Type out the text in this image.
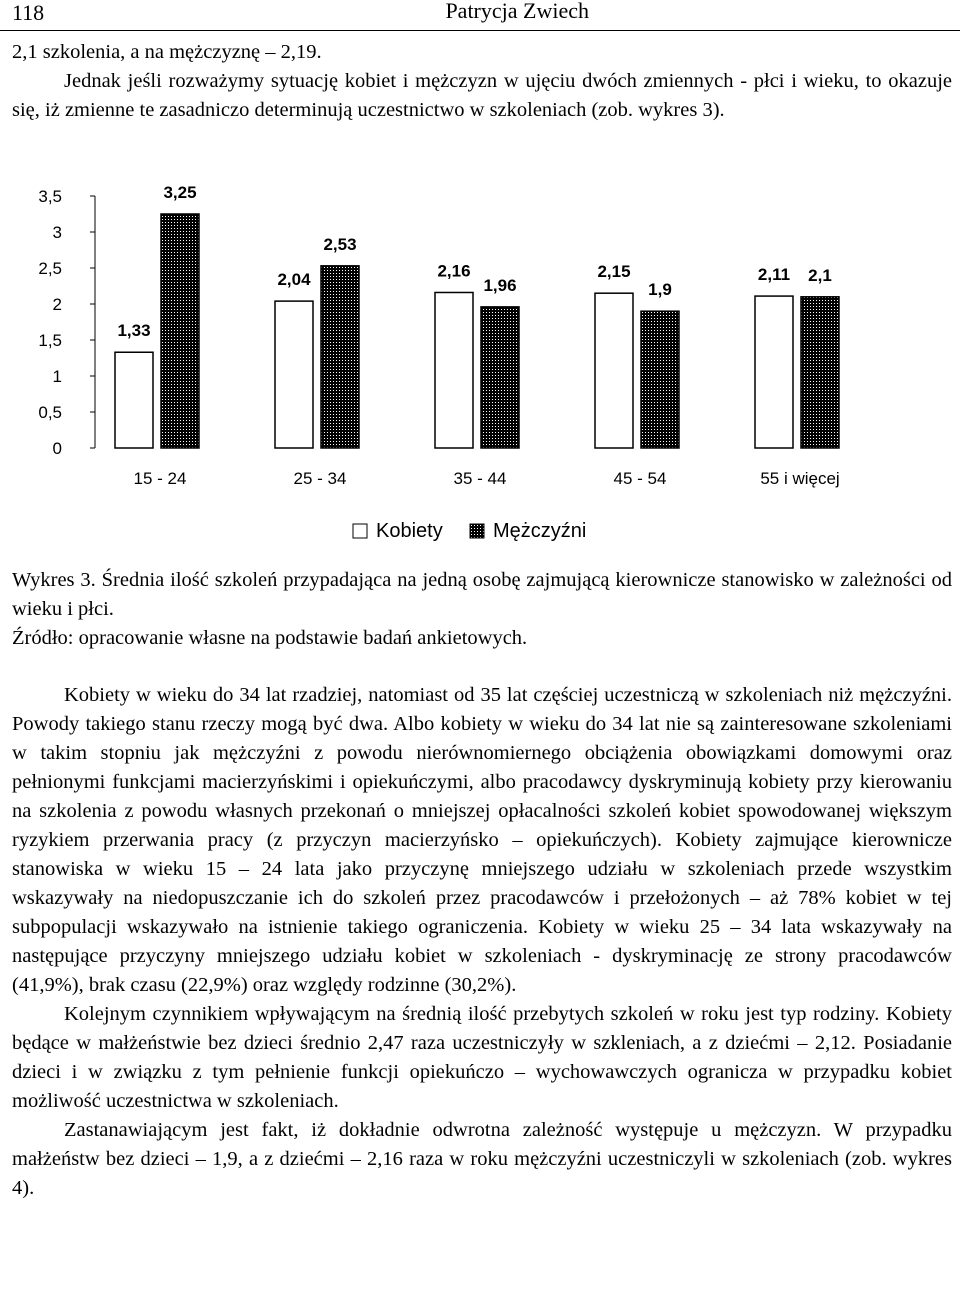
118	Patrycja Zwiech

2,1 szkolenia, a na mężczyznę – 2,19.

Jednak jeśli rozważymy sytuację kobiet i mężczyzn w ujęciu dwóch zmiennych - płci i wieku, to okazuje się, iż zmienne te zasadniczo determinują uczestnictwo w szkoleniach (zob. wykres 3).

0
0,5
1
1,5
2
2,5
3
3,5
1,33
3,25
2,04
2,53
2,16
1,96
2,15
1,9
2,11 2,1
15 - 24	25 - 34	35 - 44	45 - 54	55 i więcej
Kobiety	Mężczyźni

Wykres 3. Średnia ilość szkoleń przypadająca na jedną osobę zajmującą kierownicze stanowisko w zależności od wieku i płci.

Źródło: opracowanie własne na podstawie badań ankietowych.

Kobiety w wieku do 34 lat rzadziej, natomiast od 35 lat częściej uczestniczą w szkoleniach niż mężczyźni. Powody takiego stanu rzeczy mogą być dwa. Albo kobiety w wieku do 34 lat nie są zainteresowane szkoleniami w takim stopniu jak mężczyźni z powodu nierównomiernego obciążenia obowiązkami domowymi oraz pełnionymi funkcjami macierzyńskimi i opiekuńczymi, albo pracodawcy dyskryminują kobiety przy kierowaniu na szkolenia z powodu własnych przekonań o mniejszej opłacalności szkoleń kobiet spowodowanej większym ryzykiem przerwania pracy (z przyczyn macierzyńsko – opiekuńczych). Kobiety zajmujące kierownicze stanowiska w wieku 15 – 24 lata jako przyczynę mniejszego udziału w szkoleniach przede wszystkim wskazywały na niedopuszczanie ich do szkoleń przez pracodawców i przełożonych – aż 78% kobiet w tej subpopulacji wskazywało na istnienie takiego ograniczenia. Kobiety w wieku 25 – 34 lata wskazywały na następujące przyczyny mniejszego udziału kobiet w szkoleniach - dyskryminację ze strony pracodawców (41,9%), brak czasu (22,9%) oraz względy rodzinne (30,2%).

Kolejnym czynnikiem wpływającym na średnią ilość przebytych szkoleń w roku jest typ rodziny. Kobiety będące w małżeństwie bez dzieci średnio 2,47 raza uczestniczyły w szkleniach, a z dziećmi – 2,12. Posiadanie dzieci i w związku z tym pełnienie funkcji opiekuńczo – wychowawczych ogranicza w przypadku kobiet możliwość uczestnictwa w szkoleniach.

Zastanawiającym jest fakt, iż dokładnie odwrotna zależność występuje u mężczyzn. W przypadku małżeństw bez dzieci – 1,9, a z dziećmi – 2,16 raza w roku mężczyźni uczestniczyli w szkoleniach (zob. wykres 4).
